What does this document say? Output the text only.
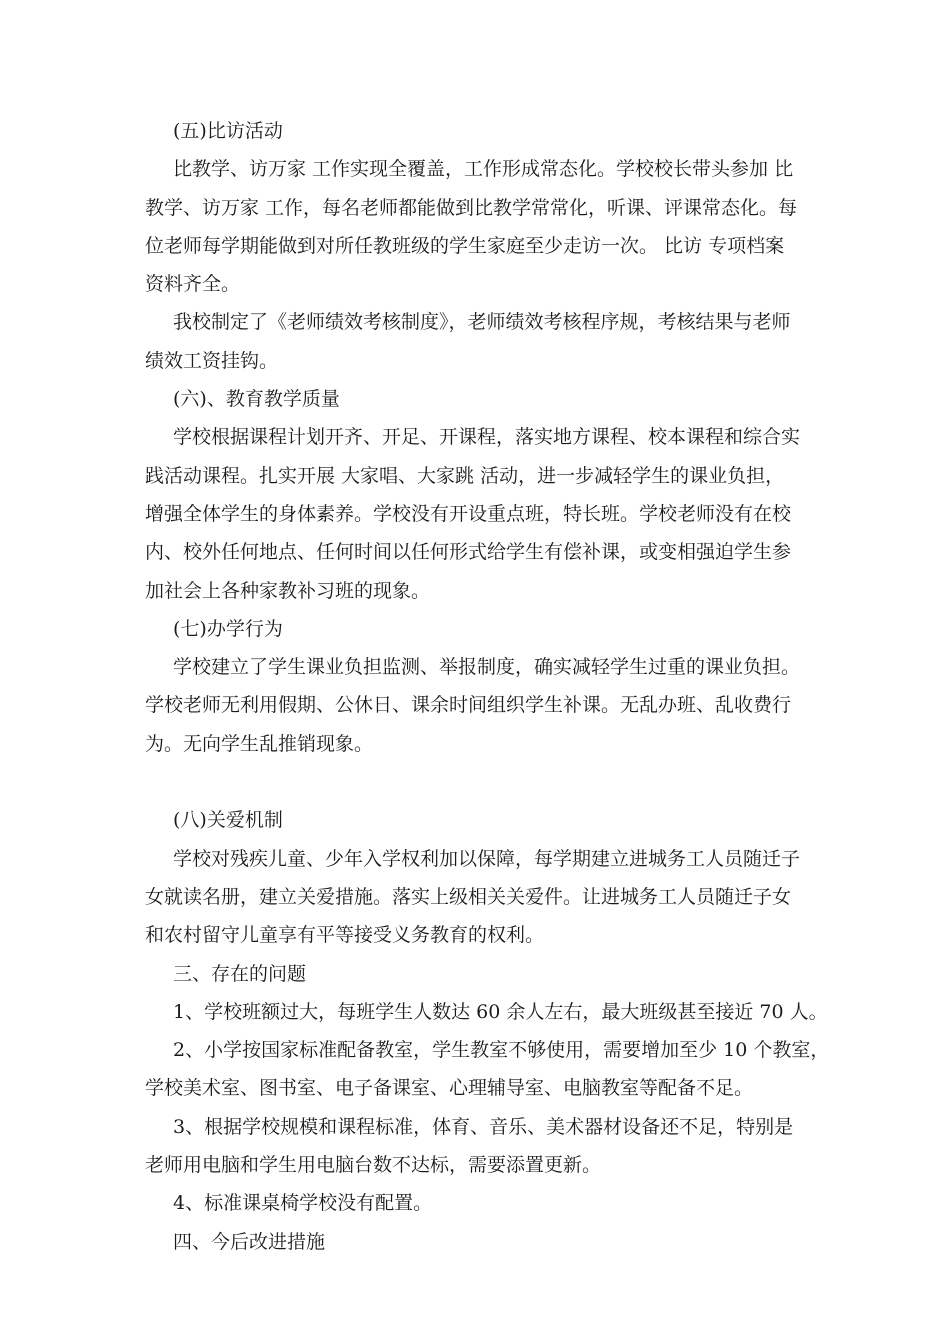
(五)比访活动
比教学、访万家 工作实现全覆盖，工作形成常态化。学校校长带头参加 比
教学、访万家 工作，每名老师都能做到比教学常常化，听课、评课常态化。每
位老师每学期能做到对所任教班级的学生家庭至少走访一次。 比访 专项档案
资料齐全。
我校制定了《老师绩效考核制度》，老师绩效考核程序规，考核结果与老师
绩效工资挂钩。
(六)、教育教学质量
学校根据课程计划开齐、开足、开课程，落实地方课程、校本课程和综合实
践活动课程。扎实开展 大家唱、大家跳 活动，进一步减轻学生的课业负担，
增强全体学生的身体素养。学校没有开设重点班，特长班。学校老师没有在校
内、校外任何地点、任何时间以任何形式给学生有偿补课，或变相强迫学生参
加社会上各种家教补习班的现象。
(七)办学行为
学校建立了学生课业负担监测、举报制度，确实减轻学生过重的课业负担。
学校老师无利用假期、公休日、课余时间组织学生补课。无乱办班、乱收费行
为。无向学生乱推销现象。
(八)关爱机制
学校对残疾儿童、少年入学权利加以保障，每学期建立进城务工人员随迁子
女就读名册，建立关爱措施。落实上级相关关爱件。让进城务工人员随迁子女
和农村留守儿童享有平等接受义务教育的权利。
三、存在的问题
1、学校班额过大，每班学生人数达 60 余人左右，最大班级甚至接近 70 人。
2、小学按国家标准配备教室，学生教室不够使用，需要增加至少 10 个教室，
学校美术室、图书室、电子备课室、心理辅导室、电脑教室等配备不足。
3、根据学校规模和课程标准，体育、音乐、美术器材设备还不足，特别是
老师用电脑和学生用电脑台数不达标，需要添置更新。
4、标准课桌椅学校没有配置。
四、今后改进措施
